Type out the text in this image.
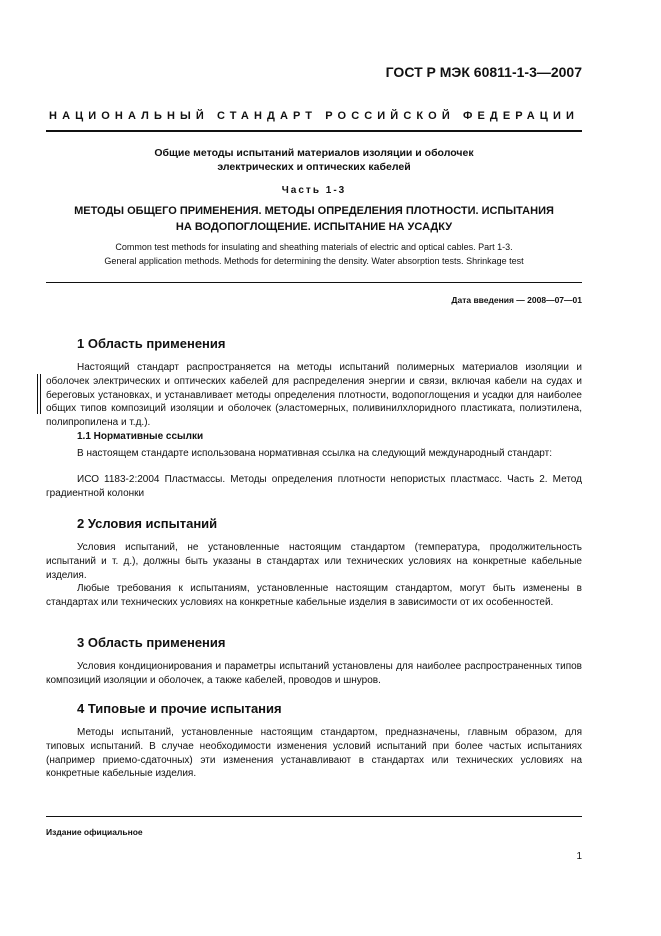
ГОСТ Р МЭК 60811-1-3—2007
НАЦИОНАЛЬНЫЙ СТАНДАРТ РОССИЙСКОЙ ФЕДЕРАЦИИ
Общие методы испытаний материалов изоляции и оболочек
электрических и оптических кабелей
Часть 1-3
МЕТОДЫ ОБЩЕГО ПРИМЕНЕНИЯ. МЕТОДЫ ОПРЕДЕЛЕНИЯ ПЛОТНОСТИ. ИСПЫТАНИЯ
НА ВОДОПОГЛОЩЕНИЕ. ИСПЫТАНИЕ НА УСАДКУ
Common test methods for insulating and sheathing materials of electric and optical cables. Part 1-3.
General application methods. Methods for determining the density. Water absorption tests. Shrinkage test
Дата введения — 2008—07—01
1 Область применения
Настоящий стандарт распространяется на методы испытаний полимерных материалов изоляции и оболочек электрических и оптических кабелей для распределения энергии и связи, включая кабели на судах и береговых установках, и устанавливает методы определения плотности, водопоглощения и усадки для наиболее общих типов композиций изоляции и оболочек (эластомерных, поливинилхлоридного пластиката, полиэтилена, полипропилена и т.д.).
1.1 Нормативные ссылки
В настоящем стандарте использована нормативная ссылка на следующий международный стандарт:
ИСО 1183-2:2004 Пластмассы. Методы определения плотности непористых пластмасс. Часть 2. Метод градиентной колонки
2 Условия испытаний
Условия испытаний, не установленные настоящим стандартом (температура, продолжительность испытаний и т. д.), должны быть указаны в стандартах или технических условиях на конкретные кабельные изделия.
Любые требования к испытаниям, установленные настоящим стандартом, могут быть изменены в стандартах или технических условиях на конкретные кабельные изделия в зависимости от их особенностей.
3 Область применения
Условия кондиционирования и параметры испытаний установлены для наиболее распространенных типов композиций изоляции и оболочек, а также кабелей, проводов и шнуров.
4 Типовые и прочие испытания
Методы испытаний, установленные настоящим стандартом, предназначены, главным образом, для типовых испытаний. В случае необходимости изменения условий испытаний при более частых испытаниях (например приемо-сдаточных) эти изменения устанавливают в стандартах или технических условиях на конкретные кабельные изделия.
Издание официальное
1
